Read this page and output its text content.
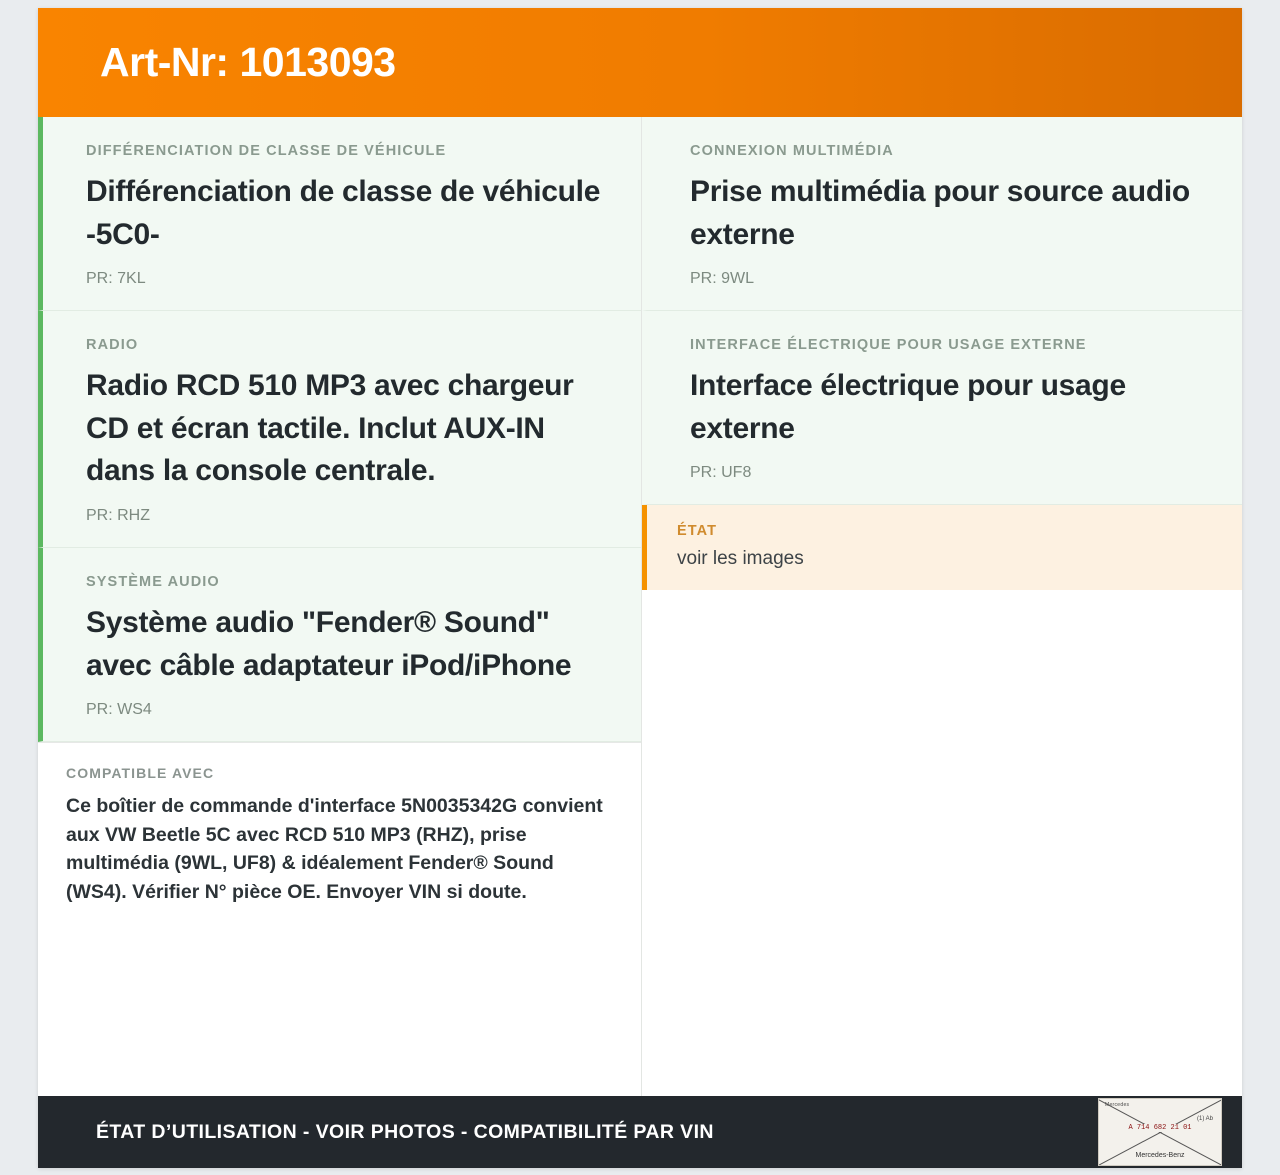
Art-Nr: 1013093
DIFFÉRENCIATION DE CLASSE DE VÉHICULE
Différenciation de classe de véhicule -5C0-
PR: 7KL
RADIO
Radio RCD 510 MP3 avec chargeur CD et écran tactile. Inclut AUX-IN dans la console centrale.
PR: RHZ
SYSTÈME AUDIO
Système audio "Fender® Sound" avec câble adaptateur iPod/iPhone
PR: WS4
COMPATIBLE AVEC
Ce boîtier de commande d'interface 5N0035342G convient aux VW Beetle 5C avec RCD 510 MP3 (RHZ), prise multimédia (9WL, UF8) & idéalement Fender® Sound (WS4). Vérifier N° pièce OE. Envoyer VIN si doute.
CONNEXION MULTIMÉDIA
Prise multimédia pour source audio externe
PR: 9WL
INTERFACE ÉLECTRIQUE POUR USAGE EXTERNE
Interface électrique pour usage externe
PR: UF8
ÉTAT
voir les images
ÉTAT D’UTILISATION - VOIR PHOTOS - COMPATIBILITÉ PAR VIN
Mercedes
A 714 682 21 01
(1) Ab
Mercedes-Benz
